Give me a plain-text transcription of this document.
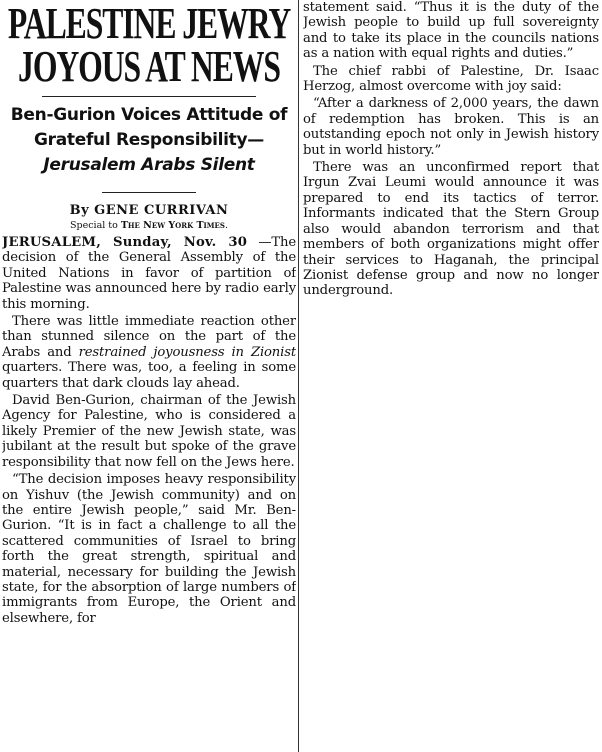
PALESTINE JEWRY
JOYOUS AT NEWS
Ben-Gurion Voices Attitude of
Grateful Responsibility—
Jerusalem Arabs Silent
By GENE CURRIVAN
Special to The New York Times.

JERUSALEM, Sunday, Nov. 30 —The decision of the General Assembly of the United Nations in favor of partition of Palestine was announced here by radio early this morning.

There was little immediate reaction other than stunned silence on the part of the Arabs and restrained joyousness in Zionist quarters. There was, too, a feeling in some quarters that dark clouds lay ahead.

David Ben-Gurion, chairman of the Jewish Agency for Palestine, who is considered a likely Premier of the new Jewish state, was jubilant at the result but spoke of the grave responsibility that now fell on the Jews here.

“The decision imposes heavy responsibility on Yishuv (the Jewish community) and on the entire Jewish people,” said Mr. Ben-Gurion. “It is in fact a challenge to all the scattered communities of Israel to bring forth the great strength, spiritual and material, necessary for building the Jewish state, for the absorption of large numbers of immigrants from Europe, the Orient and elsewhere, for

statement said. “Thus it is the duty of the Jewish people to build up full sovereignty and to take its place in the councils nations as a nation with equal rights and duties.”

The chief rabbi of Palestine, Dr. Isaac Herzog, almost overcome with joy said:

“After a darkness of 2,000 years, the dawn of redemption has broken. This is an outstanding epoch not only in Jewish history but in world history.”

There was an unconfirmed report that Irgun Zvai Leumi would announce it was prepared to end its tactics of terror. Informants indicated that the Stern Group also would abandon terrorism and that members of both organizations might offer their services to Haganah, the principal Zionist defense group and now no longer underground.
